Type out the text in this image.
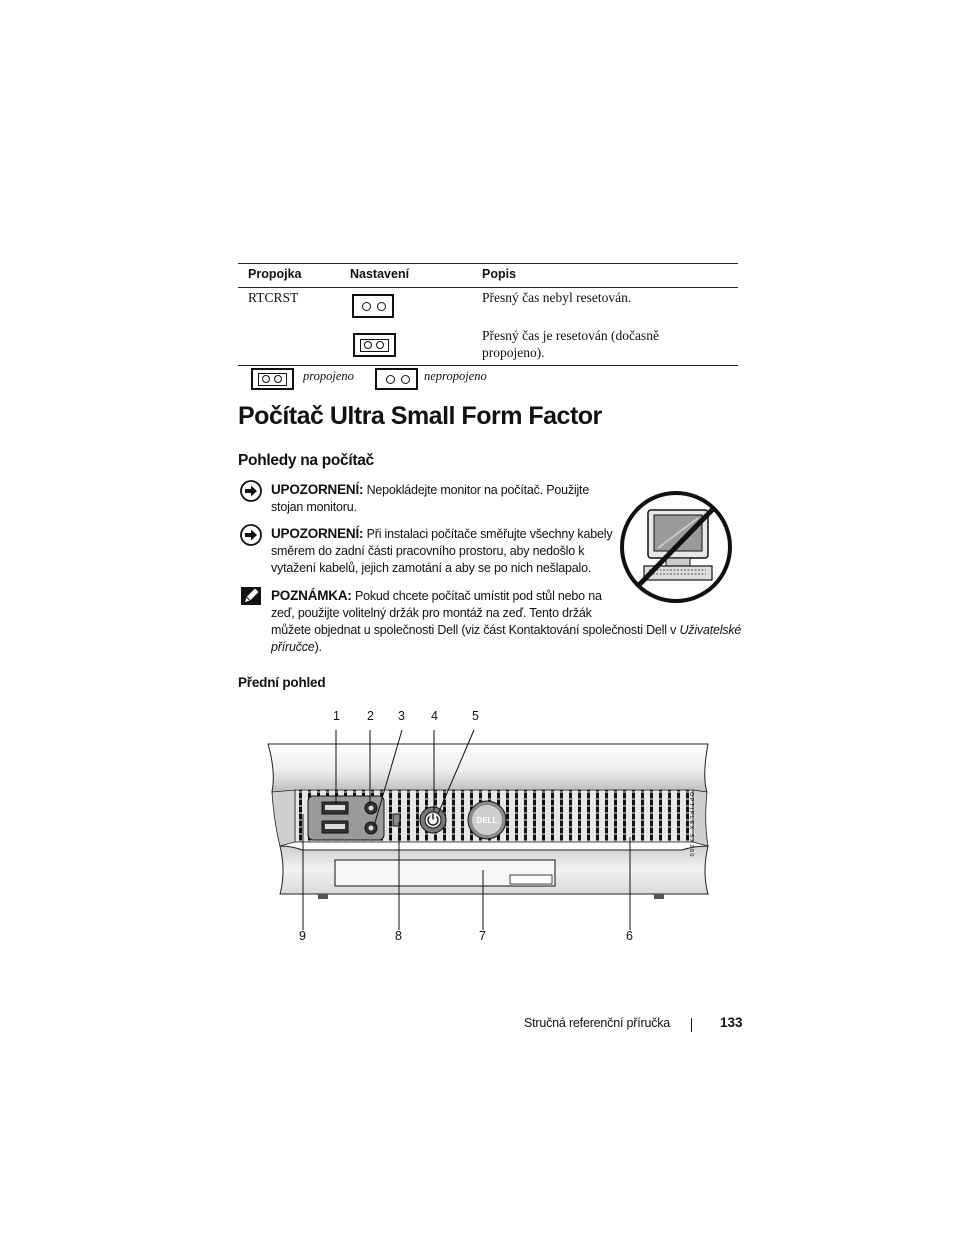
Propojka	Nastavení	Popis
RTCRST	Přesný čas nebyl resetován.
Přesný čas je resetován (dočasně
propojeno).
propojeno	nepropojeno
Počítač Ultra Small Form Factor
Pohledy na počítač
UPOZORNENÍ: Nepokládejte monitor na počítač. Použijte
stojan monitoru.
UPOZORNENÍ: Při instalaci počítače směřujte všechny kabely
směrem do zadní části pracovního prostoru, aby nedošlo k
vytažení kabelů, jejich zamotání a aby se po nich nešlapalo.
POZNÁMKA: Pokud chcete počítač umístit pod stůl nebo na
zeď, použijte volitelný držák pro montáž na zeď. Tento držák
můžete objednat u společnosti Dell (viz část Kontaktování společnosti Dell v Uživatelské
příručce).
Přední pohled
1 2 3 4	5
DELL	OPTIPLEX SX280
9	8	7	6
Stručná referenční příručka	133
